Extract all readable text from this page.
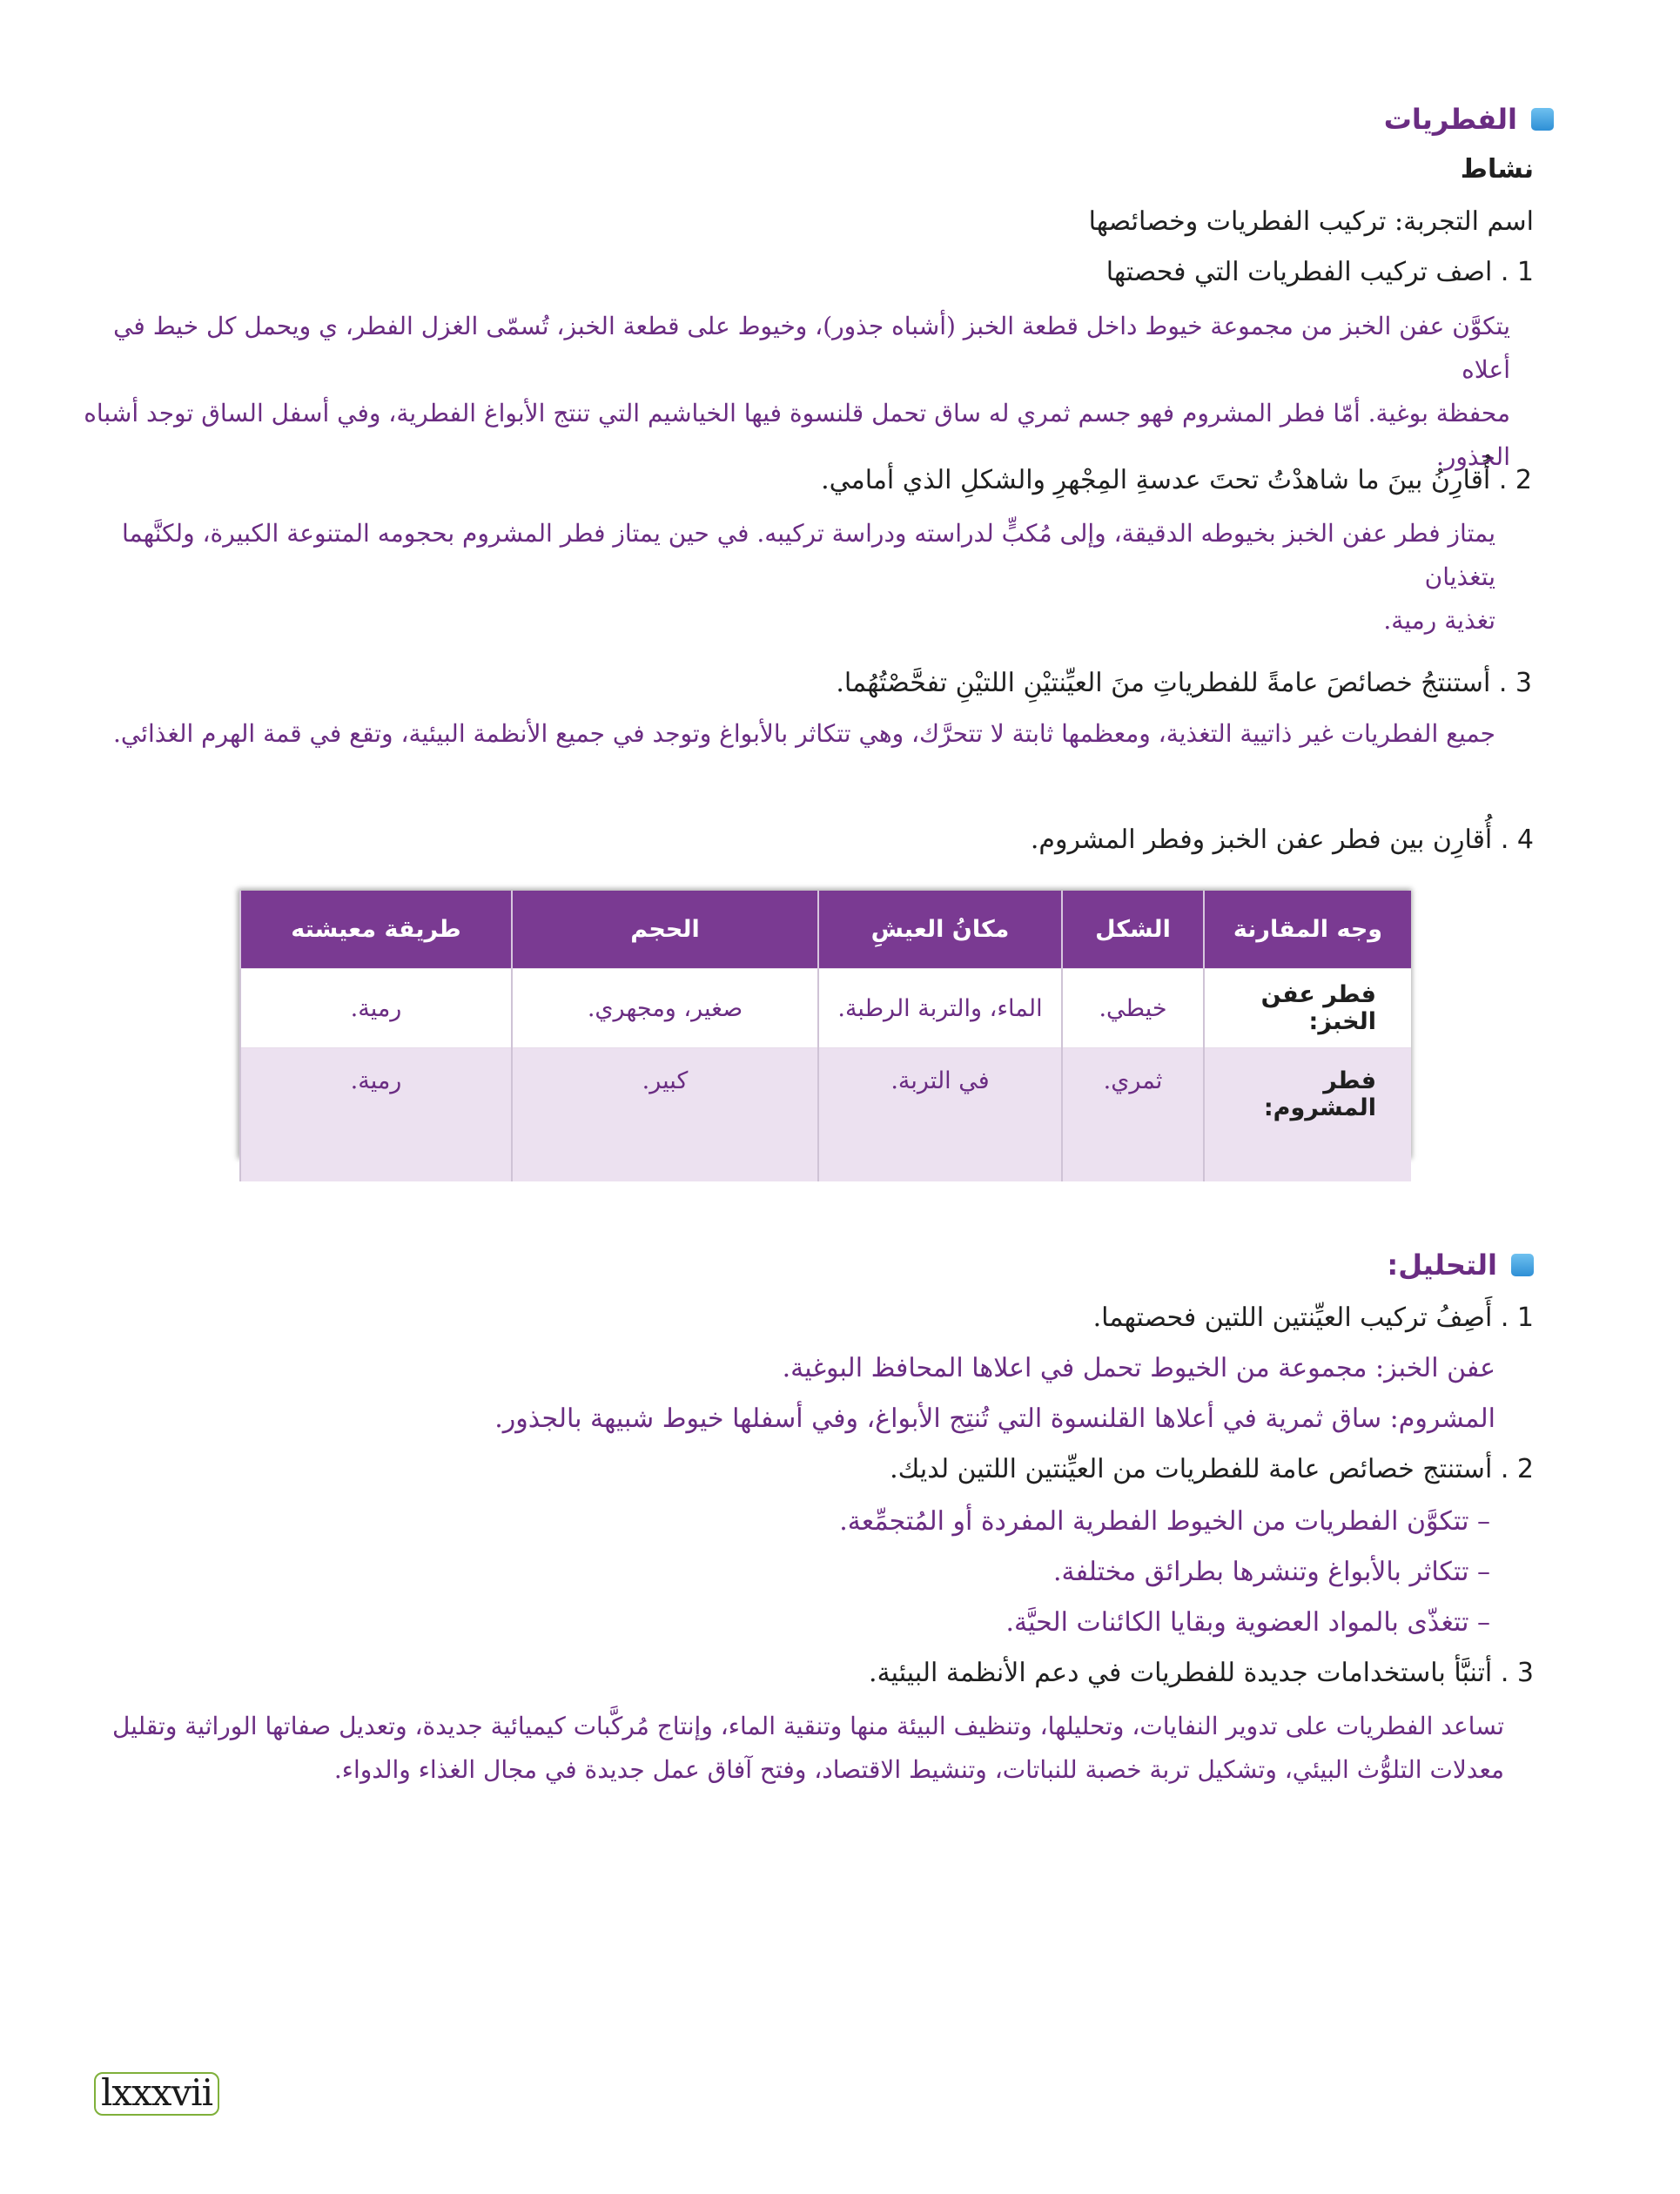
الفطريات
نشاط
اسم التجربة: تركيب الفطريات وخصائصها
1 . اصف تركيب الفطريات التي فحصتها
يتكوَّن عفن الخبز من مجموعة خيوط داخل قطعة الخبز (أشباه جذور)، وخيوط على قطعة الخبز، تُسمّى الغزل الفطر، ي ويحمل كل خيط في أعلاه
محفظة بوغية. أمّا فطر المشروم فهو جسم ثمري له ساق تحمل قلنسوة فيها الخياشيم التي تنتج الأبواغ الفطرية، وفي أسفل الساق توجد أشباه الجذور.
2 . أُقارِنُ بينَ ما شاهدْتُ تحتَ عدسةِ المِجْهرِ والشكلِ الذي أمامي.
يمتاز فطر عفن الخبز بخيوطه الدقيقة، وإلى مُكبٍّ لدراسته ودراسة تركيبه. في حين يمتاز فطر المشروم بحجومه المتنوعة الكبيرة، ولكنَّهما يتغذيان
تغذية رمية.
3 . أستنتجُ خصائصَ عامةً للفطرياتِ منَ العيِّنتيْنِ اللتيْنِ تفحَّصْتُهُما.
جميع الفطريات غير ذاتيية التغذية، ومعظمها ثابتة لا تتحرَّك، وهي تتكاثر بالأبواغ وتوجد في جميع الأنظمة البيئية، وتقع في قمة الهرم الغذائي.
4 . أُقارِن بين فطر عفن الخبز وفطر المشروم.
وجه المقارنة	الشكل	مكانُ العيشِ	الحجم	طريقة معيشته
فطر عفن الخبز:	خيطي.	الماء، والتربة الرطبة.	صغير، ومجهري.	رمية.
فطر المشروم:	ثمري.	في التربة.	كبير.	رمية.
التحليل:
1 . أَصِفُ تركيب العيِّنتين اللتين فحصتهما.
عفن الخبز: مجموعة من الخيوط تحمل في اعلاها المحافظ البوغية.
المشروم: ساق ثمرية في أعلاها القلنسوة التي تُنتِج الأبواغ، وفي أسفلها خيوط شبيهة بالجذور.
2 . أستنتج خصائص عامة للفطريات من العيِّنتين اللتين لديك.
– تتكوَّن الفطريات من الخيوط الفطرية المفردة أو المُتجمِّعة.
– تتكاثر بالأبواغ وتنشرها بطرائق مختلفة.
– تتغذّى بالمواد العضوية وبقايا الكائنات الحيَّة.
3 . أتنبَّأ باستخدامات جديدة للفطريات في دعم الأنظمة البيئية.
تساعد الفطريات على تدوير النفايات، وتحليلها، وتنظيف البيئة منها وتنقية الماء، وإنتاج مُركَّبات كيميائية جديدة، وتعديل صفاتها الوراثية وتقليل
معدلات التلوُّث البيئي، وتشكيل تربة خصبة للنباتات، وتنشيط الاقتصاد، وفتح آفاق عمل جديدة في مجال الغذاء والدواء.
lxxxvii
